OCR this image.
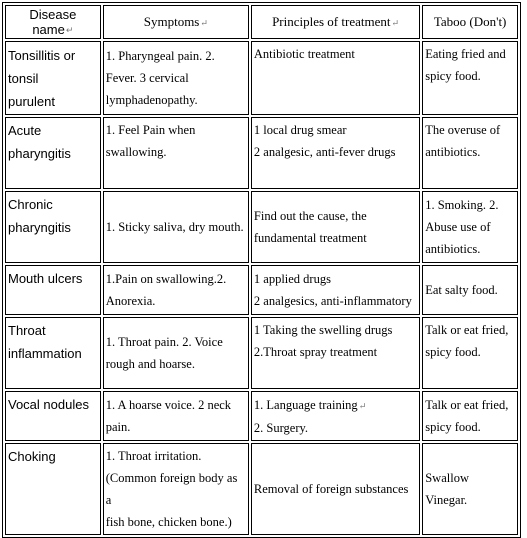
Disease name↵	Symptoms↵	Principles of treatment↵	Taboo (Don't)

Tonsillitis or
tonsil
purulent	1. Pharyngeal pain. 2.
Fever. 3 cervical
lymphadenopathy.	Antibiotic treatment	Eating fried and
spicy food.

Acute
pharyngitis	1. Feel Pain when
swallowing.	1 local drug smear
2 analgesic, anti-fever drugs	The overuse of
antibiotics.

Chronic
pharyngitis	1. Sticky saliva, dry mouth.	Find out the cause, the
fundamental treatment	1. Smoking. 2.
Abuse use of
antibiotics.

Mouth ulcers	1.Pain on swallowing.2.
Anorexia.	1 applied drugs
2 analgesics, anti-inflammatory	Eat salty food.

Throat
inflammation	1. Throat pain. 2. Voice
rough and hoarse.	1 Taking the swelling drugs
2.Throat spray treatment	Talk or eat fried,
spicy food.

Vocal nodules	1. A hoarse voice. 2 neck
pain.	1. Language training↵
2. Surgery.	Talk or eat fried,
spicy food.

Choking	1. Throat irritation.
(Common foreign body as a
fish bone, chicken bone.)	Removal of foreign substances	Swallow
Vinegar.
